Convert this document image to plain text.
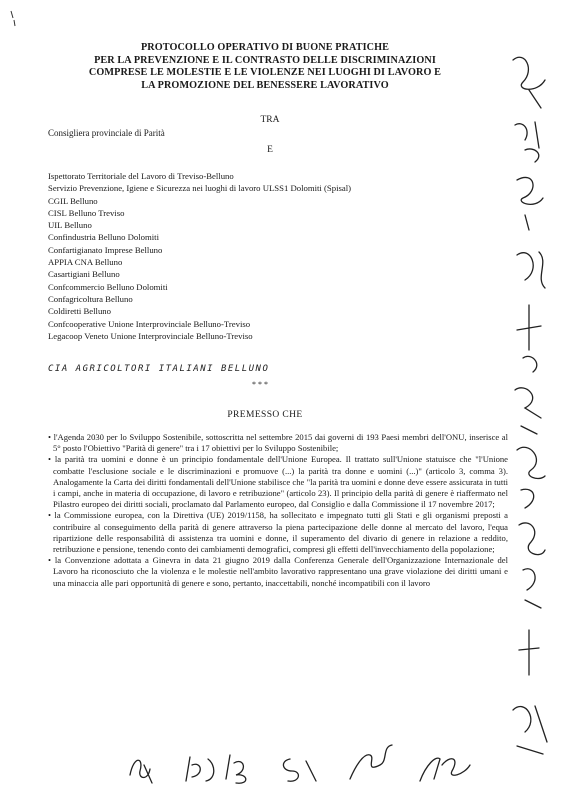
PROTOCOLLO OPERATIVO DI BUONE PRATICHE
PER LA PREVENZIONE E IL CONTRASTO DELLE DISCRIMINAZIONI
COMPRESE LE MOLESTIE E LE VIOLENZE NEI LUOGHI DI LAVORO E
LA PROMOZIONE DEL BENESSERE LAVORATIVO
TRA
Consigliera provinciale di Parità
E
Ispettorato Territoriale del Lavoro di Treviso-Belluno
Servizio Prevenzione, Igiene e Sicurezza nei luoghi di lavoro ULSS1 Dolomiti (Spisal)
CGIL Belluno
CISL Belluno Treviso
UIL Belluno
Confindustria Belluno Dolomiti
Confartigianato Imprese Belluno
APPIA CNA Belluno
Casartigiani Belluno
Confcommercio Belluno Dolomiti
Confagricoltura Belluno
Coldiretti Belluno
Confcooperative Unione Interprovinciale Belluno-Treviso
Legacoop Veneto Unione Interprovinciale Belluno-Treviso
CIA AGRICOLTORI ITALIANI BELLUNO
* * *
PREMESSO CHE

• l'Agenda 2030 per lo Sviluppo Sostenibile, sottoscritta nel settembre 2015 dai governi di 193 Paesi membri dell'ONU, inserisce al 5° posto l'Obiettivo "Parità di genere" tra i 17 obiettivi per lo Sviluppo Sostenibile;

• la parità tra uomini e donne è un principio fondamentale dell'Unione Europea. Il trattato sull'Unione statuisce che "l'Unione combatte l'esclusione sociale e le discriminazioni e promuove (...) la parità tra donne e uomini (...)" (articolo 3, comma 3). Analogamente la Carta dei diritti fondamentali dell'Unione stabilisce che "la parità tra uomini e donne deve essere assicurata in tutti i campi, anche in materia di occupazione, di lavoro e retribuzione" (articolo 23). Il principio della parità di genere è riaffermato nel Pilastro europeo dei diritti sociali, proclamato dal Parlamento europeo, dal Consiglio e dalla Commissione il 17 novembre 2017;

• la Commissione europea, con la Direttiva (UE) 2019/1158, ha sollecitato e impegnato tutti gli Stati e gli organismi preposti a contribuire al conseguimento della parità di genere attraverso la piena partecipazione delle donne al mercato del lavoro, l'equa ripartizione delle responsabilità di assistenza tra uomini e donne, il superamento del divario di genere in relazione a reddito, retribuzione e pensione, tenendo conto dei cambiamenti demografici, compresi gli effetti dell'invecchiamento della popolazione;

• la Convenzione adottata a Ginevra in data 21 giugno 2019 dalla Conferenza Generale dell'Organizzazione Internazionale del Lavoro ha riconosciuto che la violenza e le molestie nell'ambito lavorativo rappresentano una grave violazione dei diritti umani e una minaccia alle pari opportunità di genere e sono, pertanto, inaccettabili, nonché incompatibili con il lavoro
